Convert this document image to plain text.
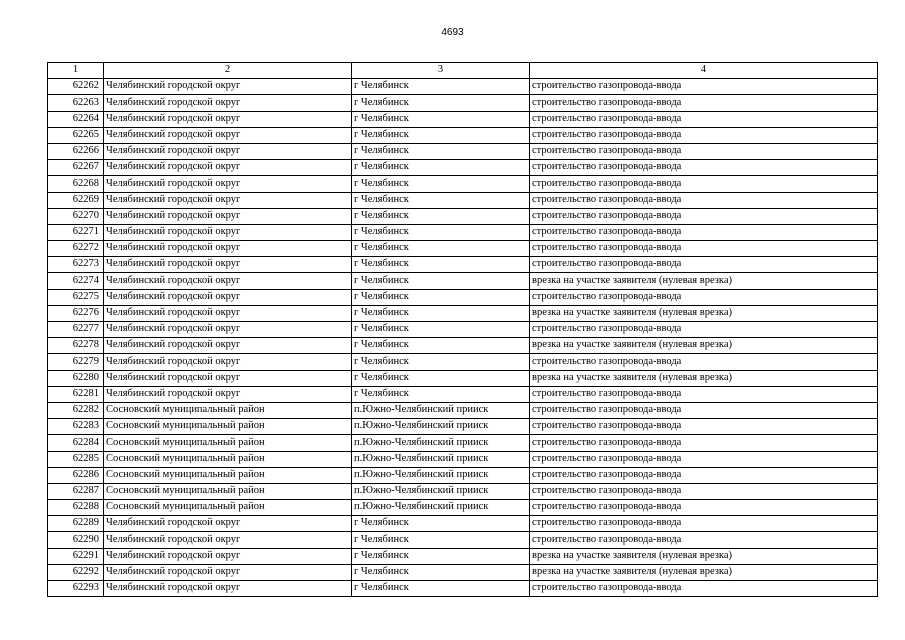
4693
1	2	3	4
62262	Челябинский городской округ	г Челябинск	строительство газопровода-ввода
62263	Челябинский городской округ	г Челябинск	строительство газопровода-ввода
62264	Челябинский городской округ	г Челябинск	строительство газопровода-ввода
62265	Челябинский городской округ	г Челябинск	строительство газопровода-ввода
62266	Челябинский городской округ	г Челябинск	строительство газопровода-ввода
62267	Челябинский городской округ	г Челябинск	строительство газопровода-ввода
62268	Челябинский городской округ	г Челябинск	строительство газопровода-ввода
62269	Челябинский городской округ	г Челябинск	строительство газопровода-ввода
62270	Челябинский городской округ	г Челябинск	строительство газопровода-ввода
62271	Челябинский городской округ	г Челябинск	строительство газопровода-ввода
62272	Челябинский городской округ	г Челябинск	строительство газопровода-ввода
62273	Челябинский городской округ	г Челябинск	строительство газопровода-ввода
62274	Челябинский городской округ	г Челябинск	врезка на участке заявителя (нулевая врезка)
62275	Челябинский городской округ	г Челябинск	строительство газопровода-ввода
62276	Челябинский городской округ	г Челябинск	врезка на участке заявителя (нулевая врезка)
62277	Челябинский городской округ	г Челябинск	строительство газопровода-ввода
62278	Челябинский городской округ	г Челябинск	врезка на участке заявителя (нулевая врезка)
62279	Челябинский городской округ	г Челябинск	строительство газопровода-ввода
62280	Челябинский городской округ	г Челябинск	врезка на участке заявителя (нулевая врезка)
62281	Челябинский городской округ	г Челябинск	строительство газопровода-ввода
62282	Сосновский муниципальный район	п.Южно-Челябинский прииск	строительство газопровода-ввода
62283	Сосновский муниципальный район	п.Южно-Челябинский прииск	строительство газопровода-ввода
62284	Сосновский муниципальный район	п.Южно-Челябинский прииск	строительство газопровода-ввода
62285	Сосновский муниципальный район	п.Южно-Челябинский прииск	строительство газопровода-ввода
62286	Сосновский муниципальный район	п.Южно-Челябинский прииск	строительство газопровода-ввода
62287	Сосновский муниципальный район	п.Южно-Челябинский прииск	строительство газопровода-ввода
62288	Сосновский муниципальный район	п.Южно-Челябинский прииск	строительство газопровода-ввода
62289	Челябинский городской округ	г Челябинск	строительство газопровода-ввода
62290	Челябинский городской округ	г Челябинск	строительство газопровода-ввода
62291	Челябинский городской округ	г Челябинск	врезка на участке заявителя (нулевая врезка)
62292	Челябинский городской округ	г Челябинск	врезка на участке заявителя (нулевая врезка)
62293	Челябинский городской округ	г Челябинск	строительство газопровода-ввода
